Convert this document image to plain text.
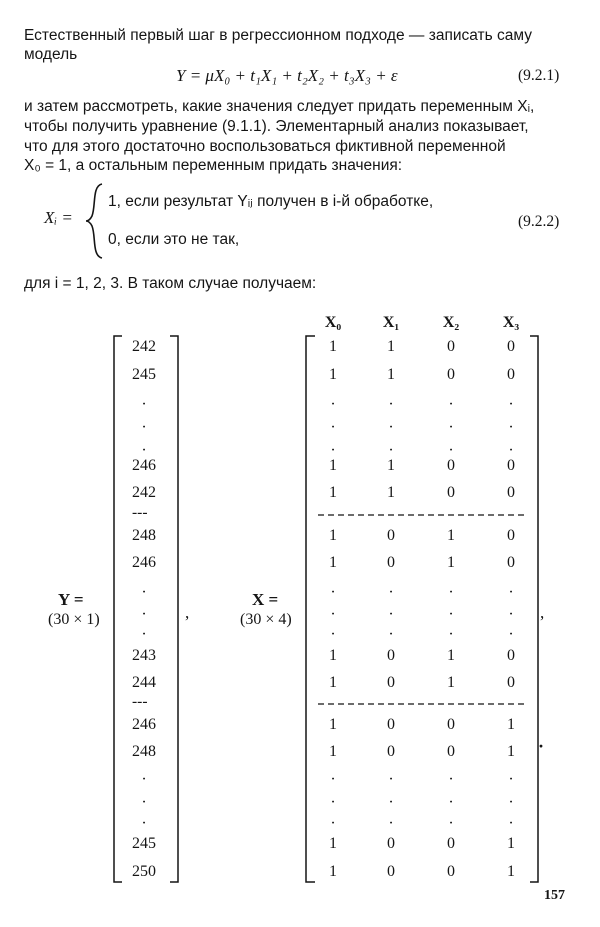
Естественный первый шаг в регрессионном подходе — записать саму
модель
Y = μX₀ + t₁X₁ + t₂X₂ + t₃X₃ + ε	(9.2.1)
и затем рассмотреть, какие значения следует придать переменным Xᵢ,
чтобы получить уравнение (9.1.1). Элементарный анализ показывает,
что для этого достаточно воспользоваться фиктивной переменной
X₀ = 1, а остальным переменным придать значения:
Xᵢ =
1, если результат Yᵢⱼ получен в i-й обработке,
0, если это не так,
(9.2.2)
для i = 1, 2, 3. В таком случае получаем:
Y =
(30 × 1)
X =
(30 × 4)
---
---
242
245
·
·
·
246
242
248
246
·
·
·
243
244
246
248
·
·
·
245
250
,
X₀	X₁	X₂	X₃
1	1	0	0
1	1	0	0
·	·	·	·
·	·	·	·
·	·	·	·
1	1	0	0
1	1	0	0
1	0	1	0
1	0	1	0
·	·	·	·
·	·	·	·
·	·	·	·
1	0	1	0
1	0	1	0
1	0	0	1
1	0	0	1
·	·	·	·
·	·	·	·
·	·	·	·
1	0	0	1
1	0	0	1
,
·
157
